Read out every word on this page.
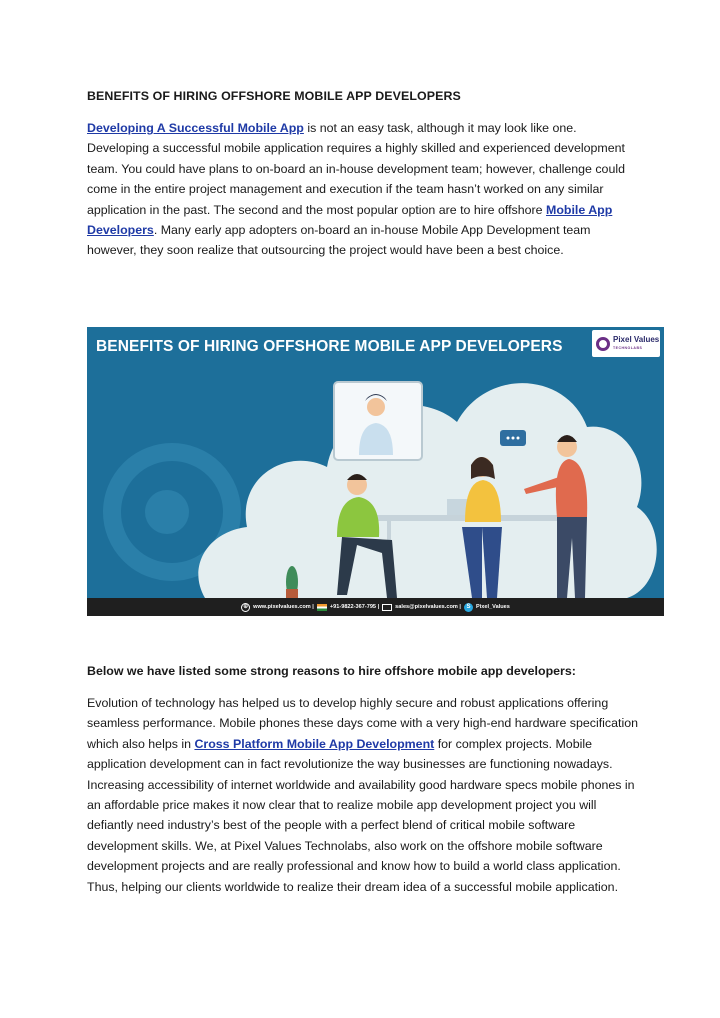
BENEFITS OF HIRING OFFSHORE MOBILE APP DEVELOPERS

Developing A Successful Mobile App is not an easy task, although it may look like one. Developing a successful mobile application requires a highly skilled and experienced development team. You could have plans to on-board an in-house development team; however, challenge could come in the entire project management and execution if the team hasn’t worked on any similar application in the past. The second and the most popular option are to hire offshore Mobile App Developers. Many early app adopters on-board an in-house Mobile App Development team however, they soon realize that outsourcing the project would have been a best choice.

BENEFITS OF HIRING OFFSHORE MOBILE APP DEVELOPERS	Pixel Values
TECHNOLABS
⊕ www.pixelvalues.com |	+91-9822-367-795 |	sales@pixelvalues.com | S Pixel_Values
Below we have listed some strong reasons to hire offshore mobile app developers:

Evolution of technology has helped us to develop highly secure and robust applications offering seamless performance. Mobile phones these days come with a very high-end hardware specification which also helps in Cross Platform Mobile App Development for complex projects. Mobile application development can in fact revolutionize the way businesses are functioning nowadays. Increasing accessibility of internet worldwide and availability good hardware specs mobile phones in an affordable price makes it now clear that to realize mobile app development project you will defiantly need industry’s best of the people with a perfect blend of critical mobile software development skills. We, at Pixel Values Technolabs, also work on the offshore mobile software development projects and are really professional and know how to build a world class application. Thus, helping our clients worldwide to realize their dream idea of a successful mobile application.
